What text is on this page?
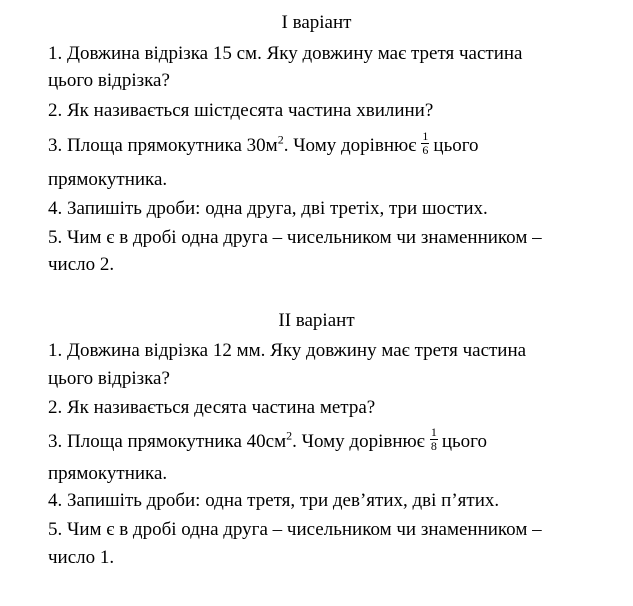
I варіант
1. Довжина відрізка 15 см. Яку довжину має третя частина
цього відрізка?
2. Як називається шістдесята частина хвилини?
3. Площа прямокутника $30м^2$. Чому дорівнює $\frac{1}{6}$ цього
прямокутника.
4. Запишіть дроби: одна друга, дві третіх, три шостих.
5. Чим є в дробі одна друга – чисельником чи знаменником –
число 2.
II варіант
1. Довжина відрізка 12 мм. Яку довжину має третя частина
цього відрізка?
2. Як називається десята частина метра?
3. Площа прямокутника $40см^2$. Чому дорівнює $\frac{1}{8}$ цього
прямокутника.
4. Запишіть дроби: одна третя, три дев’ятих, дві п’ятих.
5. Чим є в дробі одна друга – чисельником чи знаменником –
число 1.
